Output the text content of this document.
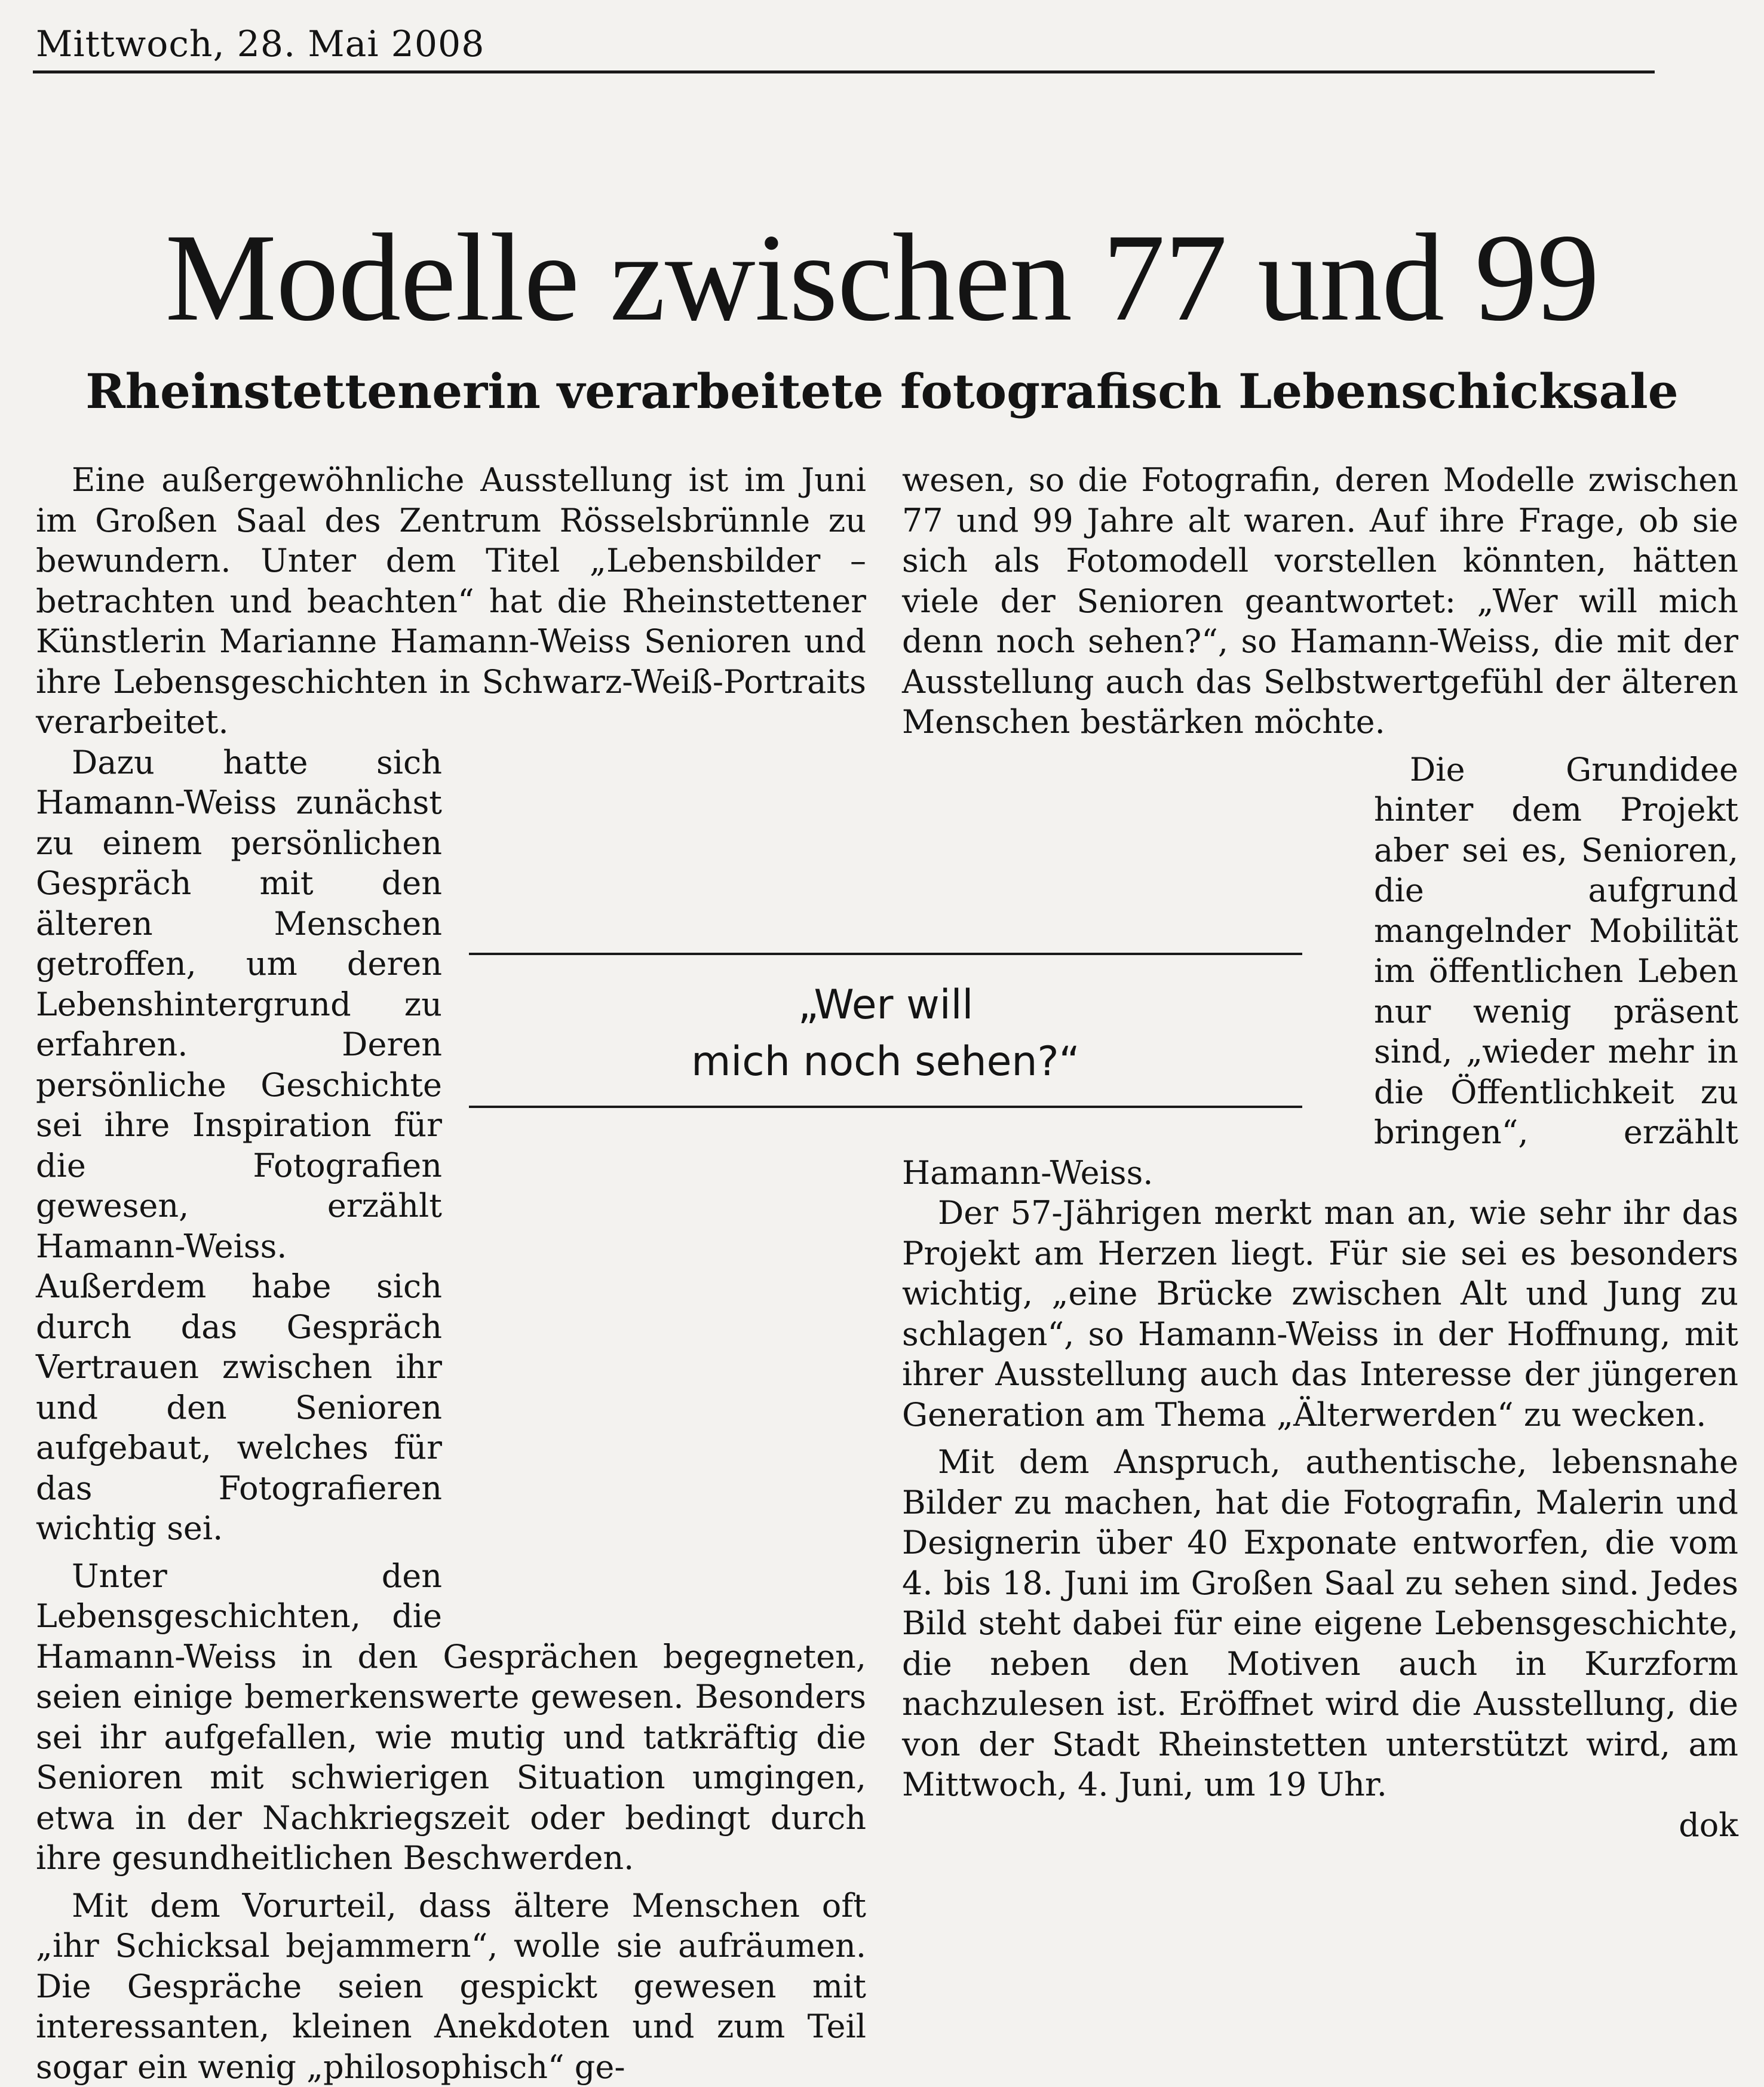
Mittwoch, 28. Mai 2008
Modelle zwischen 77 und 99
Rheinstettenerin verarbeitete fotografisch Lebenschicksale

Eine außergewöhnliche Ausstellung ist im Juni im Großen Saal des Zentrum Rösselsbrünnle zu bewundern. Unter dem Titel „Lebensbilder – betrachten und beachten“ hat die Rheinstettener Künstlerin Marianne Hamann-Weiss Senioren und ihre Lebensgeschichten in Schwarz-Weiß-Portraits verarbeitet.

Dazu hatte sich Hamann-Weiss zunächst zu einem persönlichen Gespräch mit den älteren Menschen getroffen, um deren Lebenshintergrund zu erfahren. Deren persönliche Geschichte sei ihre Inspiration für die Fotografien gewesen, erzählt Hamann-Weiss. Außerdem habe sich durch das Gespräch Vertrauen zwischen ihr und den Senioren aufgebaut, welches für das Fotografieren wichtig sei.

Unter den Lebensgeschichten, die Hamann-Weiss in den Gesprächen begegneten, seien einige bemerkenswerte gewesen. Besonders sei ihr aufgefallen, wie mutig und tatkräftig die Senioren mit schwierigen Situation umgingen, etwa in der Nachkriegszeit oder bedingt durch ihre gesundheitlichen Beschwerden.

Mit dem Vorurteil, dass ältere Menschen oft „ihr Schicksal bejammern“, wolle sie aufräumen. Die Gespräche seien gespickt gewesen mit interessanten, kleinen Anekdoten und zum Teil sogar ein wenig „philosophisch“ ge-

wesen, so die Fotografin, deren Modelle zwischen 77 und 99 Jahre alt waren. Auf ihre Frage, ob sie sich als Fotomodell vorstellen könnten, hätten viele der Senioren geantwortet: „Wer will mich denn noch sehen?“, so Hamann-Weiss, die mit der Ausstellung auch das Selbstwertgefühl der älteren Menschen bestärken möchte.

Die Grundidee hinter dem Projekt aber sei es, Senioren, die aufgrund mangelnder Mobilität im öffentlichen Leben nur wenig präsent sind, „wieder mehr in die Öffentlichkeit zu bringen“, erzählt Hamann-Weiss.

Der 57-Jährigen merkt man an, wie sehr ihr das Projekt am Herzen liegt. Für sie sei es besonders wichtig, „eine Brücke zwischen Alt und Jung zu schlagen“, so Hamann-Weiss in der Hoffnung, mit ihrer Ausstellung auch das Interesse der jüngeren Generation am Thema „Älterwerden“ zu wecken.

Mit dem Anspruch, authentische, lebensnahe Bilder zu machen, hat die Fotografin, Malerin und Designerin über 40 Exponate entworfen, die vom 4. bis 18. Juni im Großen Saal zu sehen sind. Jedes Bild steht dabei für eine eigene Lebensgeschichte, die neben den Motiven auch in Kurzform nachzulesen ist. Eröffnet wird die Ausstellung, die von der Stadt Rheinstetten unterstützt wird, am Mittwoch, 4. Juni, um 19 Uhr.

dok
„Wer will
mich noch sehen?“
